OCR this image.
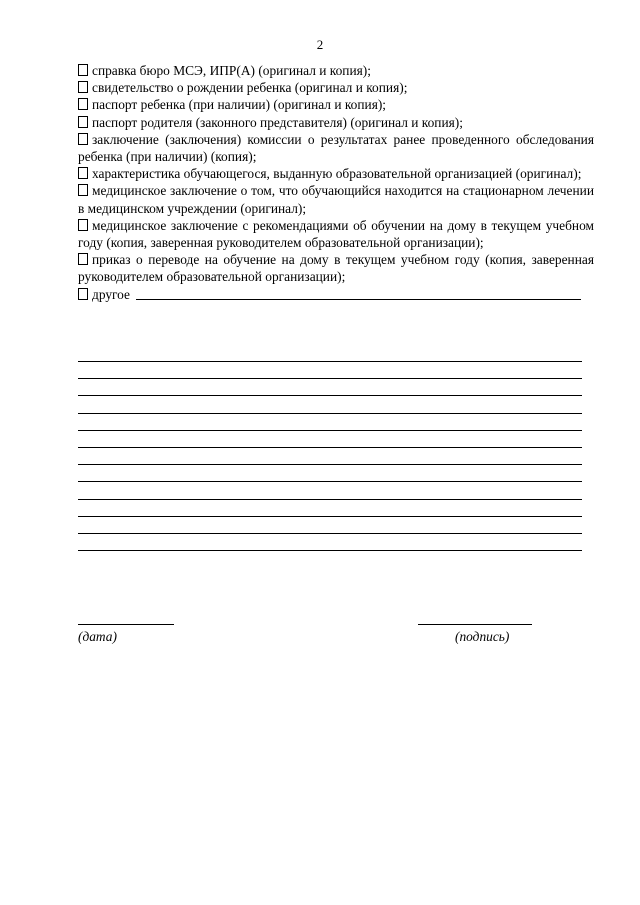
2

справка бюро МСЭ, ИПР(А) (оригинал и копия);

свидетельство о рождении ребенка (оригинал и копия);

паспорт ребенка (при наличии) (оригинал и копия);

паспорт родителя (законного представителя) (оригинал и копия);

заключение (заключения) комиссии о результатах ранее проведенного обследования ребенка (при наличии) (копия);

характеристика обучающегося, выданную образовательной организацией (оригинал);

медицинское заключение о том, что обучающийся находится на стационарном лечении в медицинском учреждении (оригинал);

медицинское заключение с рекомендациями об обучении на дому в текущем учебном году (копия, заверенная руководителем образовательной организации);

приказ о переводе на обучение на дому в текущем учебном году (копия, заверенная руководителем образовательной организации);

другое
(дата)	(подпись)
